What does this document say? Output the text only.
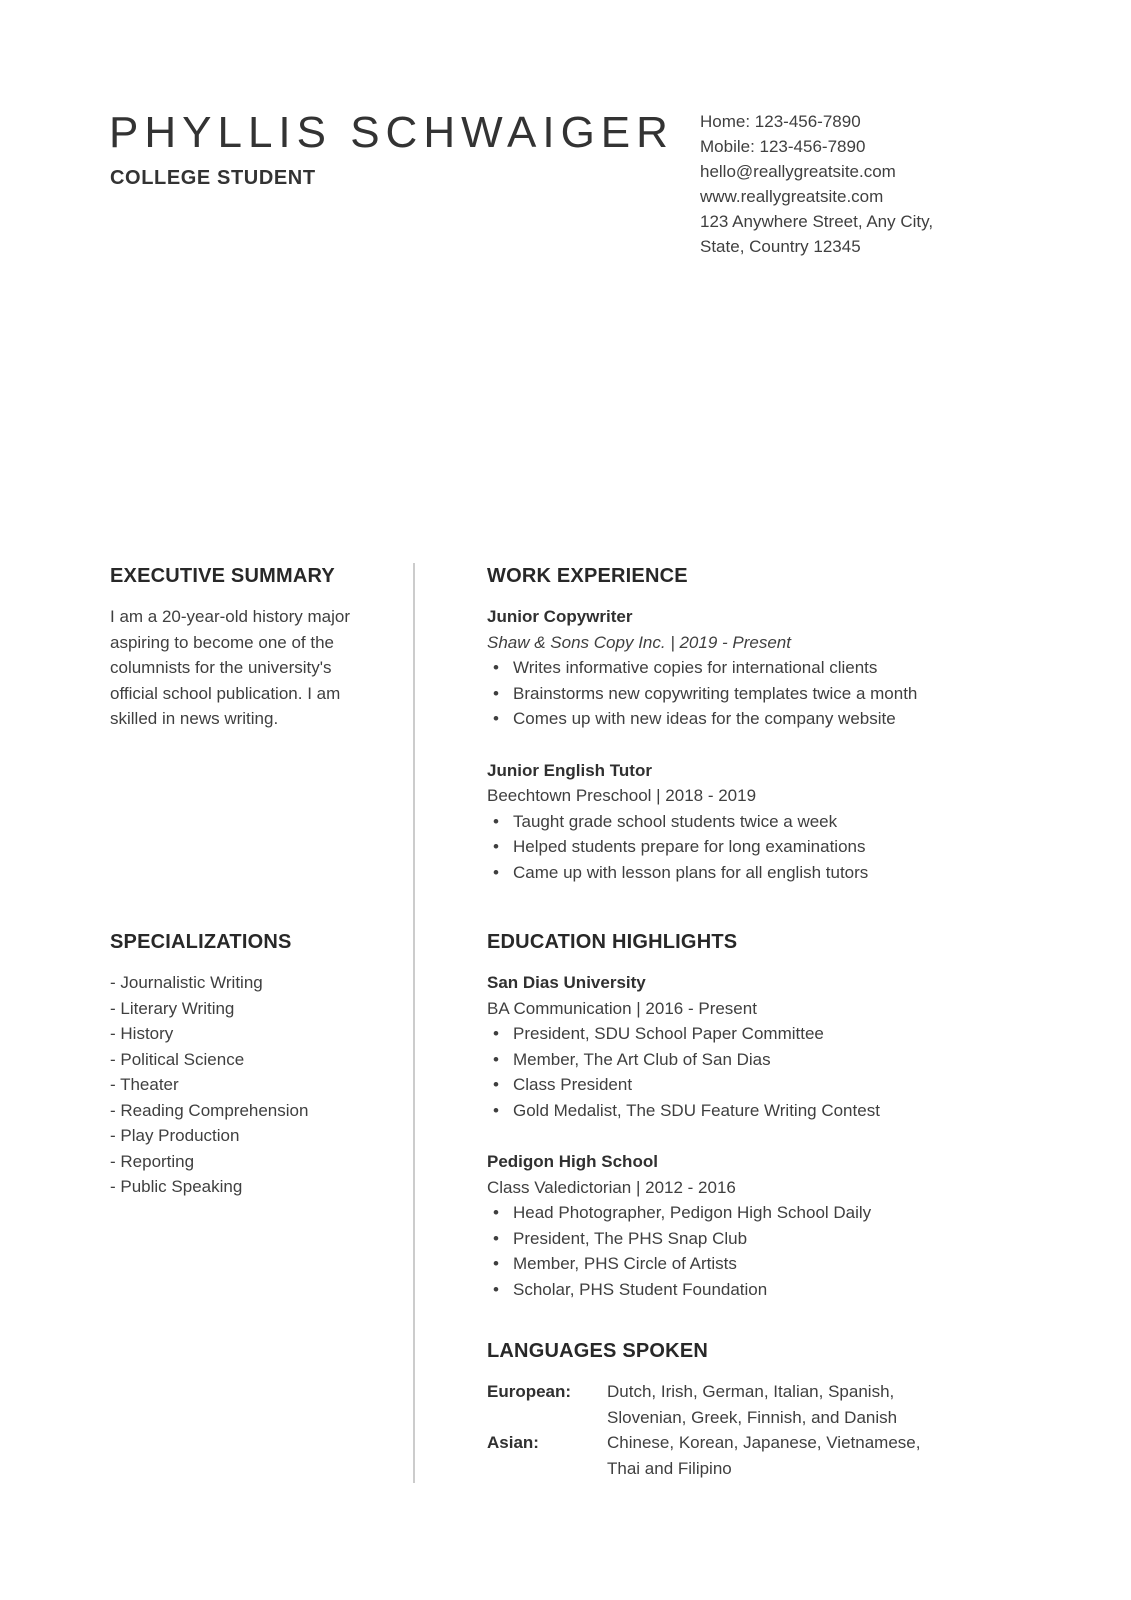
PHYLLIS SCHWAIGER
COLLEGE STUDENT
Home: 123-456-7890
Mobile: 123-456-7890
hello@reallygreatsite.com
www.reallygreatsite.com
123 Anywhere Street, Any City,
State, Country 12345
EXECUTIVE SUMMARY

I am a 20-year-old history major aspiring to become one of the columnists for the university's official school publication. I am skilled in news writing.

SPECIALIZATIONS
- Journalistic Writing
- Literary Writing
- History
- Political Science
- Theater
- Reading Comprehension
- Play Production
- Reporting
- Public Speaking
WORK EXPERIENCE
Junior Copywriter
Shaw & Sons Copy Inc. | 2019 - Present
• Writes informative copies for international clients
• Brainstorms new copywriting templates twice a month
• Comes up with new ideas for the company website
Junior English Tutor
Beechtown Preschool | 2018 - 2019
• Taught grade school students twice a week
• Helped students prepare for long examinations
• Came up with lesson plans for all english tutors
EDUCATION HIGHLIGHTS
San Dias University
BA Communication | 2016 - Present
• President, SDU School Paper Committee
• Member, The Art Club of San Dias
• Class President
• Gold Medalist, The SDU Feature Writing Contest
Pedigon High School
Class Valedictorian | 2012 - 2016
• Head Photographer, Pedigon High School Daily
• President, The PHS Snap Club
• Member, PHS Circle of Artists
• Scholar, PHS Student Foundation
LANGUAGES SPOKEN
European:	Dutch, Irish, German, Italian, Spanish, Slovenian, Greek, Finnish, and Danish
Asian:	Chinese, Korean, Japanese, Vietnamese, Thai and Filipino
